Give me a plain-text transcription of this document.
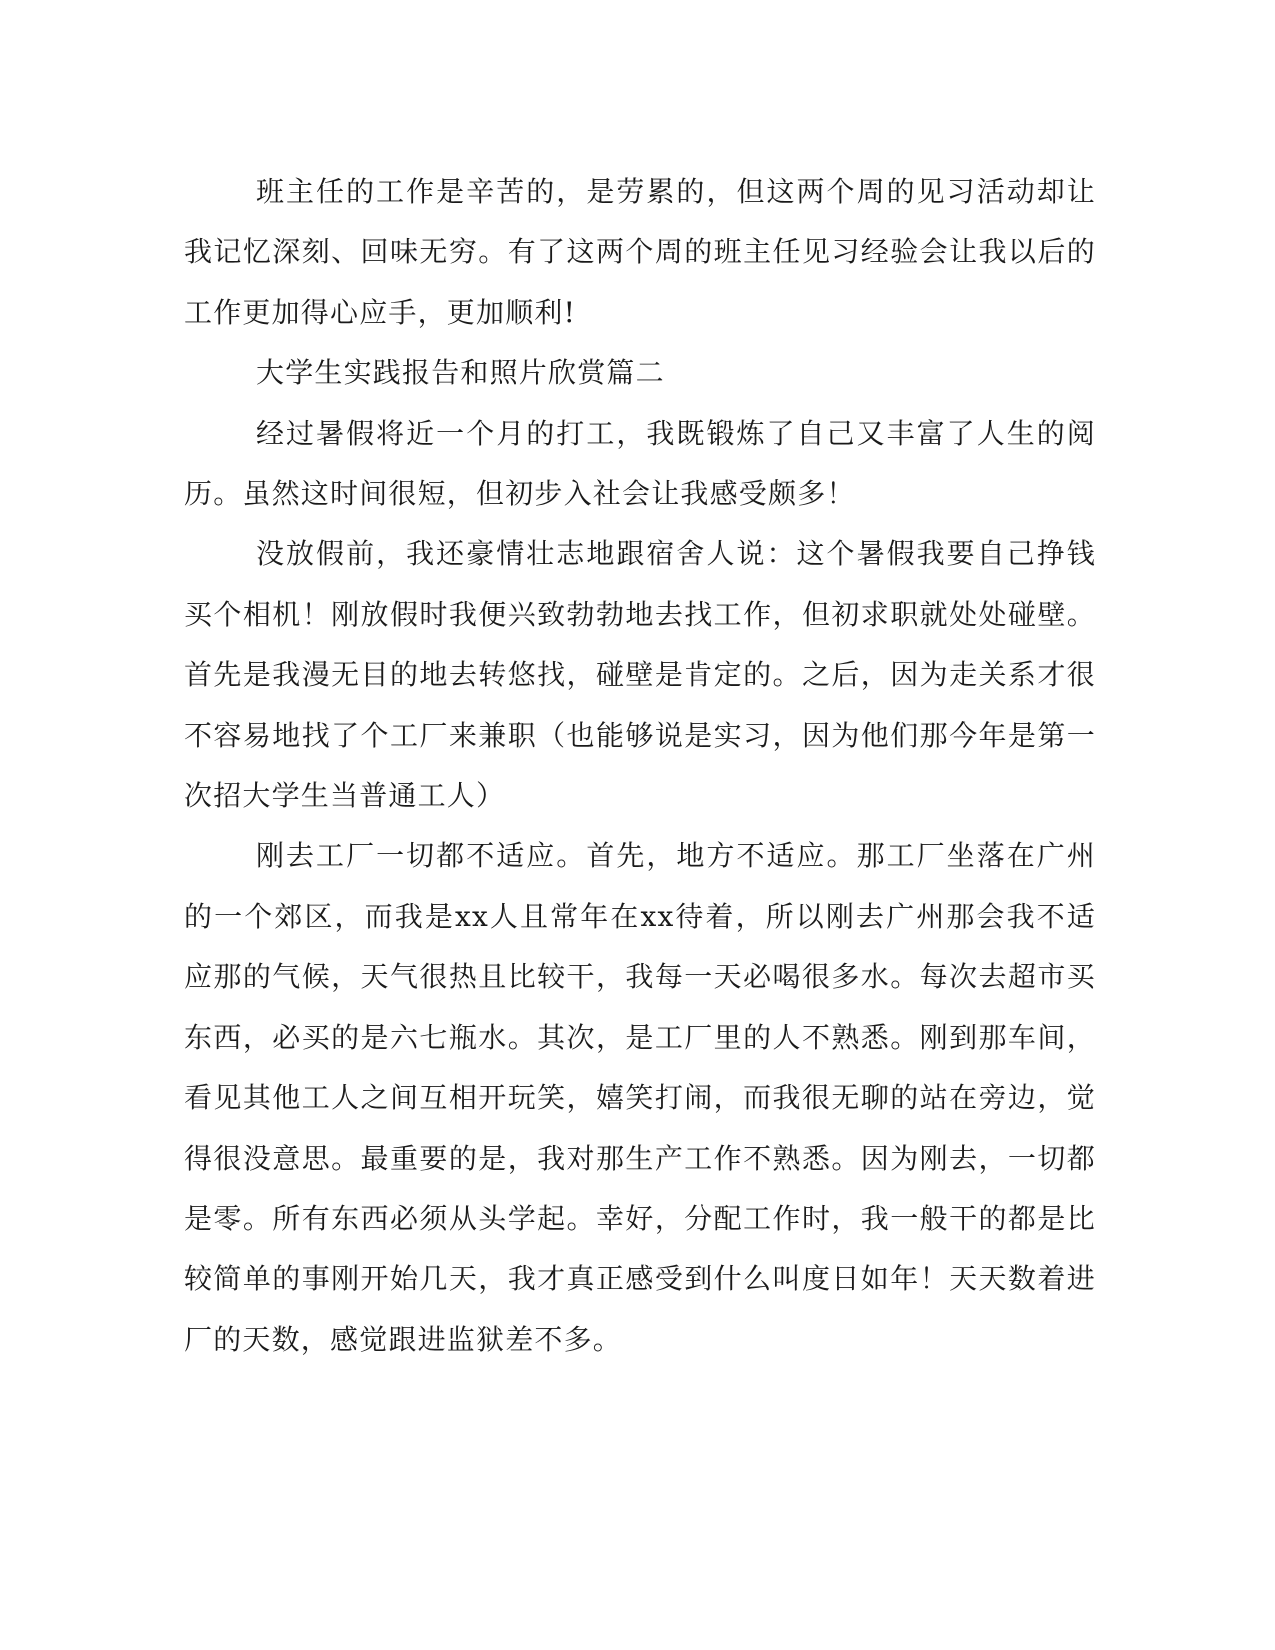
班主任的工作是辛苦的，是劳累的，但这两个周的见习活动却让我记忆深刻、回味无穷。有了这两个周的班主任见习经验会让我以后的工作更加得心应手，更加顺利!

大学生实践报告和照片欣赏篇二

经过暑假将近一个月的打工，我既锻炼了自己又丰富了人生的阅历。虽然这时间很短，但初步入社会让我感受颇多！

没放假前，我还豪情壮志地跟宿舍人说：这个暑假我要自己挣钱买个相机！刚放假时我便兴致勃勃地去找工作，但初求职就处处碰壁。首先是我漫无目的地去转悠找，碰壁是肯定的。之后，因为走关系才很不容易地找了个工厂来兼职（也能够说是实习，因为他们那今年是第一次招大学生当普通工人）

刚去工厂一切都不适应。首先，地方不适应。那工厂坐落在广州的一个郊区，而我是xx人且常年在xx待着，所以刚去广州那会我不适应那的气候，天气很热且比较干，我每一天必喝很多水。每次去超市买东西，必买的是六七瓶水。其次，是工厂里的人不熟悉。刚到那车间，看见其他工人之间互相开玩笑，嬉笑打闹，而我很无聊的站在旁边，觉得很没意思。最重要的是，我对那生产工作不熟悉。因为刚去，一切都是零。所有东西必须从头学起。幸好，分配工作时，我一般干的都是比较简单的事刚开始几天，我才真正感受到什么叫度日如年！天天数着进厂的天数，感觉跟进监狱差不多。
